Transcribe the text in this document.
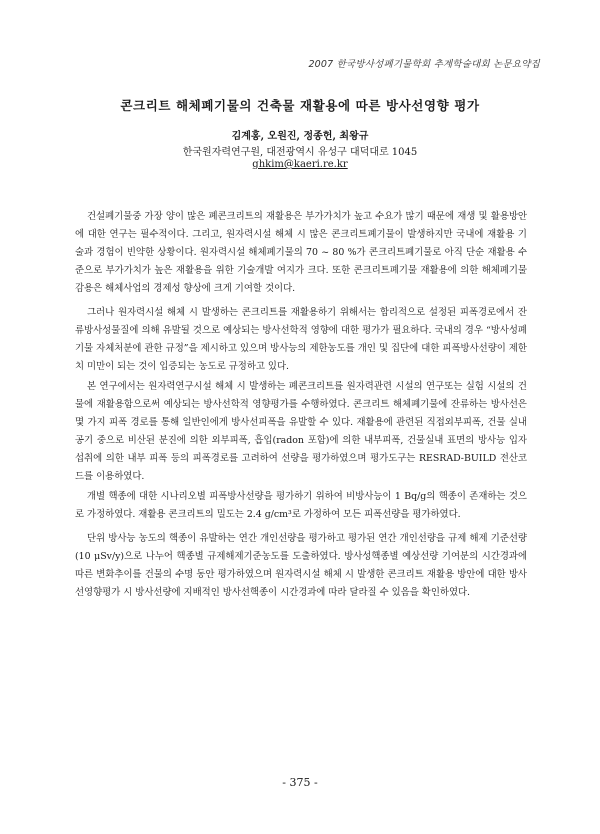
2007 한국방사성폐기물학회 추계학술대회 논문요약집
콘크리트 해체폐기물의 건축물 재활용에 따른 방사선영향 평가
김계홍, 오원진, 정종헌, 최왕규
한국원자력연구원, 대전광역시 유성구 대덕대로 1045
ghkim@kaeri.re.kr

건설폐기물중 가장 양이 많은 폐콘크리트의 재활용은 부가가치가 높고 수요가 많기 때문에 재생 및 활용방안에 대한 연구는 필수적이다. 그리고, 원자력시설 해체 시 많은 콘크리트폐기물이 발생하지만 국내에 재활용 기술과 경험이 빈약한 상황이다. 원자력시설 해체폐기물의 70 ~ 80 %가 콘크리트폐기물로 아직 단순 재활용 수준으로 부가가치가 높은 재활용을 위한 기술개발 여지가 크다. 또한 콘크리트폐기물 재활용에 의한 해체폐기물 감용은 해체사업의 경제성 향상에 크게 기여할 것이다.

그러나 원자력시설 해체 시 발생하는 콘크리트를 재활용하기 위해서는 합리적으로 설정된 피폭경로에서 잔류방사성물질에 의해 유발될 것으로 예상되는 방사선학적 영향에 대한 평가가 필요하다. 국내의 경우 “방사성폐기물 자체처분에 관한 규정”을 제시하고 있으며 방사능의 제한농도를 개인 및 집단에 대한 피폭방사선량이 제한치 미만이 되는 것이 입증되는 농도로 규정하고 있다.

본 연구에서는 원자력연구시설 해체 시 발생하는 폐콘크리트를 원자력관련 시설의 연구또는 실험 시설의 건물에 재활용함으로써 예상되는 방사선학적 영향평가를 수행하였다. 콘크리트 해체폐기물에 잔류하는 방사선은 몇 가지 피폭 경로를 통해 일반인에게 방사선피폭을 유발할 수 있다. 재활용에 관련된 직접외부피폭, 건물 실내 공기 중으로 비산된 분진에 의한 외부피폭, 흡입(radon 포함)에 의한 내부피폭, 건물실내 표면의 방사능 입자 섭취에 의한 내부 피폭 등의 피폭경로를 고려하여 선량을 평가하였으며 평가도구는 RESRAD-BUILD 전산코드를 이용하였다.

개별 핵종에 대한 시나리오별 피폭방사선량을 평가하기 위하여 비방사능이 1 Bq/g의 핵종이 존재하는 것으로 가정하였다. 재활용 콘크리트의 밀도는 2.4 g/cm³로 가정하여 모든 피폭선량을 평가하였다.

단위 방사능 농도의 핵종이 유발하는 연간 개인선량을 평가하고 평가된 연간 개인선량을 규제 해제 기준선량(10 μSv/y)으로 나누어 핵종별 규제해제기준농도를 도출하였다. 방사성핵종별 예상선량 기여분의 시간경과에 따른 변화추이를 건물의 수명 동안 평가하였으며 원자력시설 해체 시 발생한 콘크리트 재활용 방안에 대한 방사선영향평가 시 방사선량에 지배적인 방사선핵종이 시간경과에 따라 달라질 수 있음을 확인하였다.

- 375 -
